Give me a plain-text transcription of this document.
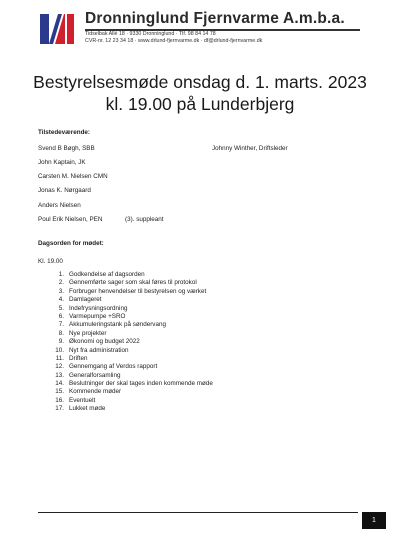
Dronninglund Fjernvarme A.m.b.a.
Tidselbak Allé 18 · 9330 Dronninglund · Tlf. 98 84 14 78
CVR-nr. 12 23 34 18 · www.drlund-fjernvarme.dk · df@drlund-fjernvarme.dk
Bestyrelsesmøde onsdag d. 1. marts. 2023
kl. 19.00 på Lunderbjerg
Tilstedeværende:
Svend B Bøgh, SBB	Johnny Winther, Driftsleder
John Kaptain, JK
Carsten M. Nielsen CMN
Jonas K. Nørgaard
Anders Nielsen
Poul Erik Nielsen, PEN	(3). suppleant
Dagsorden for mødet:
Kl. 19.00
1. Godkendelse af dagsorden
2. Gennemførte sager som skal føres til protokol
3. Forbruger henvendelser til bestyrelsen og værket
4. Damlageret
5. Indefrysningsordning
6. Varmepumpe +SRO
7. Akkumuleringstank på søndervang
8. Nye projekter
9. Økonomi og budget 2022
10. Nyt fra administration
11. Driften
12. Gennemgang af Verdos rapport
13. Generalforsamling
14. Beslutninger der skal tages inden kommende møde
15. Kommende møder
16. Eventuelt
17. Lukket møde
1
